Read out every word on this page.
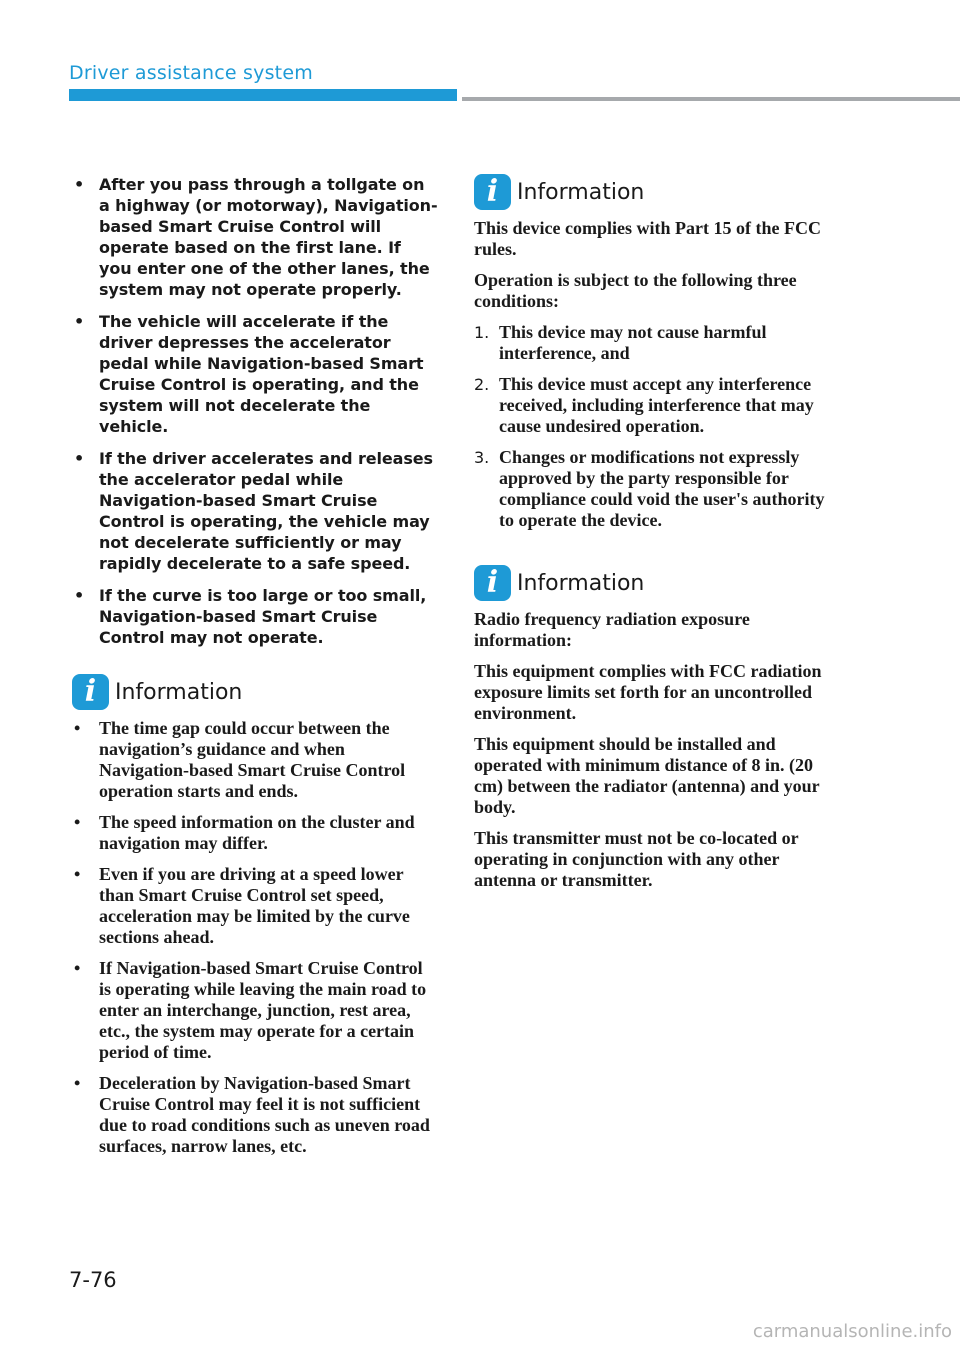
Driver assistance system
• After you pass through a tollgate on a highway (or motorway), Navigation-based Smart Cruise Control will operate based on the first lane. If you enter one of the other lanes, the system may not operate properly.
• The vehicle will accelerate if the driver depresses the accelerator pedal while Navigation-based Smart Cruise Control is operating, and the system will not decelerate the vehicle.
• If the driver accelerates and releases the accelerator pedal while Navigation-based Smart Cruise Control is operating, the vehicle may not decelerate sufficiently or may rapidly decelerate to a safe speed.
• If the curve is too large or too small, Navigation-based Smart Cruise Control may not operate.
i Information
• The time gap could occur between the navigation’s guidance and when Navigation-based Smart Cruise Control operation starts and ends.
• The speed information on the cluster and navigation may differ.
• Even if you are driving at a speed lower than Smart Cruise Control set speed, acceleration may be limited by the curve sections ahead.
• If Navigation-based Smart Cruise Control is operating while leaving the main road to enter an interchange, junction, rest area, etc., the system may operate for a certain period of time.
• Deceleration by Navigation-based Smart Cruise Control may feel it is not sufficient due to road conditions such as uneven road surfaces, narrow lanes, etc.
i Information

This device complies with Part 15 of the FCC rules.

Operation is subject to the following three conditions:

1. This device may not cause harmful interference, and
2. This device must accept any interference received, including interference that may cause undesired operation.
3. Changes or modifications not expressly approved by the party responsible for compliance could void the user's authority to operate the device.
i Information

Radio frequency radiation exposure information:

This equipment complies with FCC radiation exposure limits set forth for an uncontrolled environment.

This equipment should be installed and operated with minimum distance of 8 in. (20 cm) between the radiator (antenna) and your body.

This transmitter must not be co-located or operating in conjunction with any other antenna or transmitter.

7-76
carmanualsonline.info
